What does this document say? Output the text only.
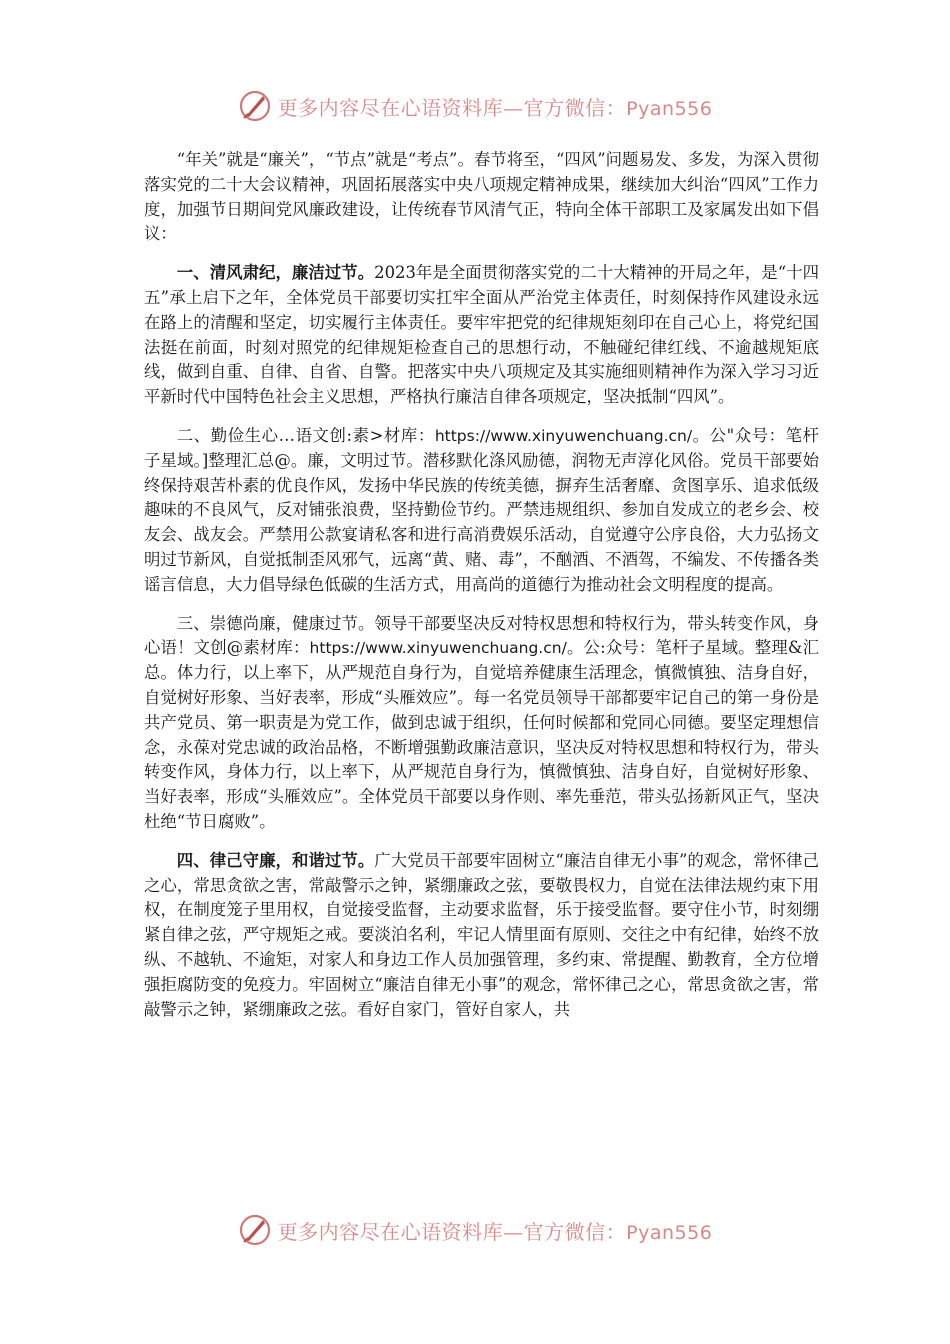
更多内容尽在心语资料库—官方微信：Pyan556

“年关”就是“廉关”，“节点”就是“考点”。春节将至，“四风”问题易发、多发，为深入贯彻落实党的二十大会议精神，巩固拓展落实中央八项规定精神成果，继续加大纠治“四风”工作力度，加强节日期间党风廉政建设，让传统春节风清气正，特向全体干部职工及家属发出如下倡议：

一、清风肃纪，廉洁过节。2023年是全面贯彻落实党的二十大精神的开局之年，是“十四五”承上启下之年，全体党员干部要切实扛牢全面从严治党主体责任，时刻保持作风建设永远在路上的清醒和坚定，切实履行主体责任。要牢牢把党的纪律规矩刻印在自己心上，将党纪国法挺在前面，时刻对照党的纪律规矩检查自己的思想行动，不触碰纪律红线、不逾越规矩底线，做到自重、自律、自省、自警。把落实中央八项规定及其实施细则精神作为深入学习习近平新时代中国特色社会主义思想，严格执行廉洁自律各项规定，坚决抵制“四风”。

二、勤俭生心…语文创:素>材库：https://www.xinyuwenchuang.cn/。公"众号：笔杆子星域。]整理汇总@。廉，文明过节。潜移默化涤风励德，润物无声淳化风俗。党员干部要始终保持艰苦朴素的优良作风，发扬中华民族的传统美德，摒弃生活奢靡、贪图享乐、追求低级趣味的不良风气，反对铺张浪费，坚持勤俭节约。严禁违规组织、参加自发成立的老乡会、校友会、战友会。严禁用公款宴请私客和进行高消费娱乐活动，自觉遵守公序良俗，大力弘扬文明过节新风，自觉抵制歪风邪气，远离“黄、赌、毒”，不酗酒、不酒驾，不编发、不传播各类谣言信息，大力倡导绿色低碳的生活方式，用高尚的道德行为推动社会文明程度的提高。

三、崇德尚廉，健康过节。领导干部要坚决反对特权思想和特权行为，带头转变作风，身心语！文创@素材库：https://www.xinyuwenchuang.cn/。公:众号：笔杆子星域。整理&汇总。体力行，以上率下，从严规范自身行为，自觉培养健康生活理念，慎微慎独、洁身自好，自觉树好形象、当好表率，形成“头雁效应”。每一名党员领导干部都要牢记自己的第一身份是共产党员、第一职责是为党工作，做到忠诚于组织，任何时候都和党同心同德。要坚定理想信念，永葆对党忠诚的政治品格，不断增强勤政廉洁意识，坚决反对特权思想和特权行为，带头转变作风，身体力行，以上率下，从严规范自身行为，慎微慎独、洁身自好，自觉树好形象、当好表率，形成“头雁效应”。全体党员干部要以身作则、率先垂范，带头弘扬新风正气，坚决杜绝“节日腐败”。

四、律己守廉，和谐过节。广大党员干部要牢固树立“廉洁自律无小事”的观念，常怀律己之心，常思贪欲之害，常敲警示之钟，紧绷廉政之弦，要敬畏权力，自觉在法律法规约束下用权，在制度笼子里用权，自觉接受监督，主动要求监督，乐于接受监督。要守住小节，时刻绷紧自律之弦，严守规矩之戒。要淡泊名利，牢记人情里面有原则、交往之中有纪律，始终不放纵、不越轨、不逾矩，对家人和身边工作人员加强管理，多约束、常提醒、勤教育，全方位增强拒腐防变的免疫力。牢固树立“廉洁自律无小事”的观念，常怀律己之心，常思贪欲之害，常敲警示之钟，紧绷廉政之弦。看好自家门，管好自家人，共

更多内容尽在心语资料库—官方微信：Pyan556
